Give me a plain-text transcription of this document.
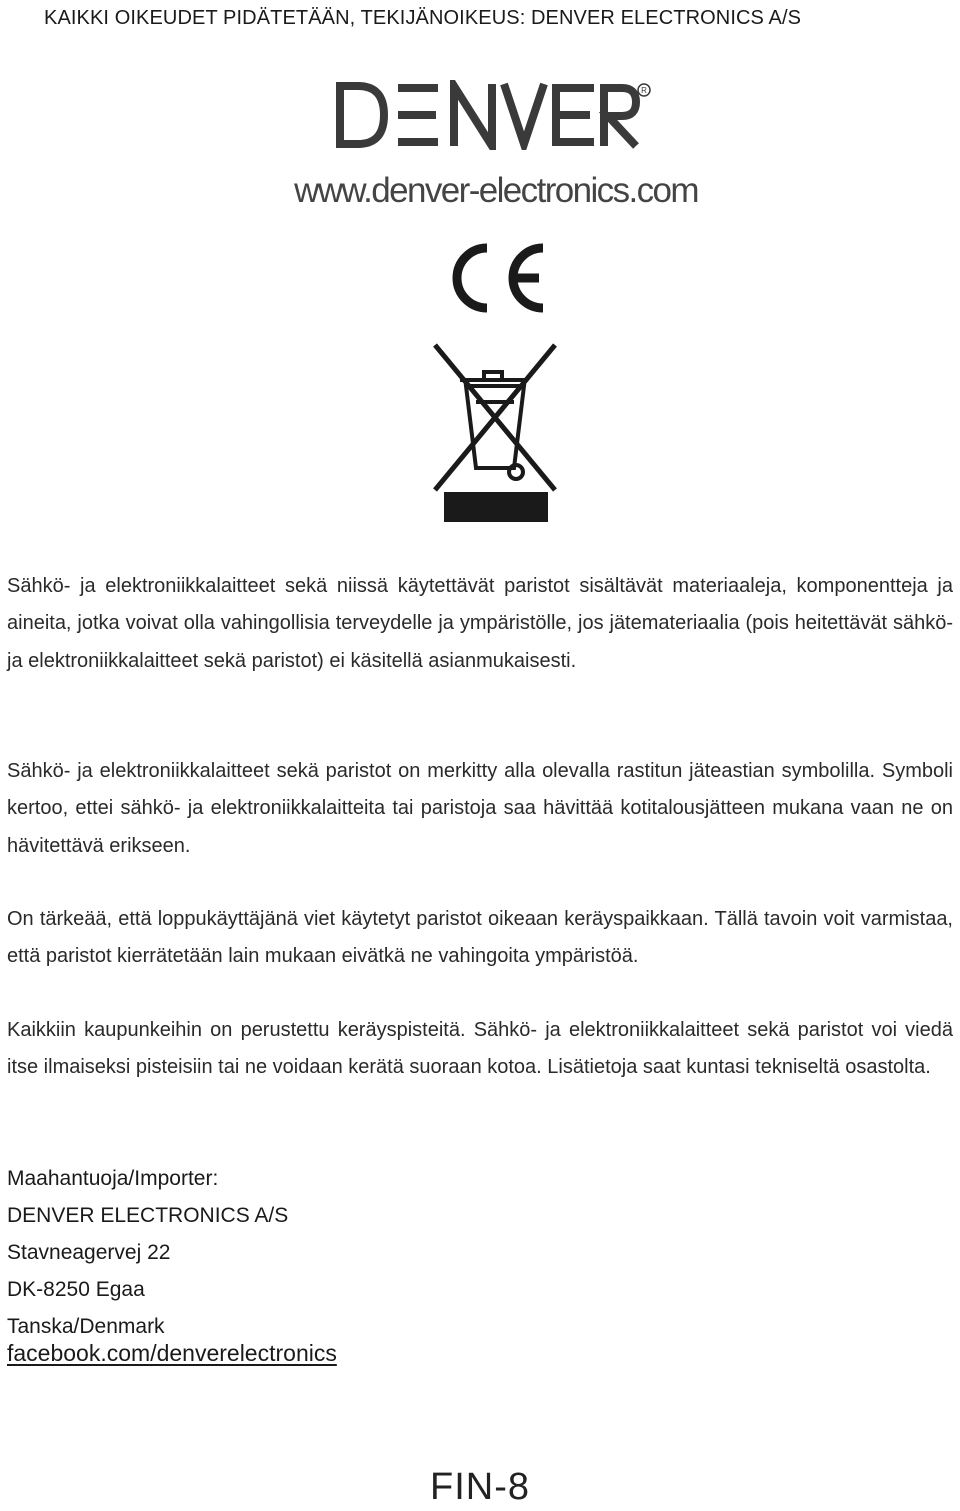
KAIKKI OIKEUDET PIDÄTETÄÄN, TEKIJÄNOIKEUS: DENVER ELECTRONICS A/S
R

www.denver-electronics.com

Sähkö- ja elektroniikkalaitteet sekä niissä käytettävät paristot sisältävät materiaaleja, komponentteja ja aineita, jotka voivat olla vahingollisia terveydelle ja ympäristölle, jos jätemateriaalia (pois heitettävät sähkö- ja elektroniikkalaitteet sekä paristot) ei käsitellä asianmukaisesti.

Sähkö- ja elektroniikkalaitteet sekä paristot on merkitty alla olevalla rastitun jäteastian symbolilla. Symboli kertoo, ettei sähkö- ja elektroniikkalaitteita tai paristoja saa hävittää kotitalousjätteen mukana vaan ne on hävitettävä erikseen.

On tärkeää, että loppukäyttäjänä viet käytetyt paristot oikeaan keräyspaikkaan. Tällä tavoin voit varmistaa, että paristot kierrätetään lain mukaan eivätkä ne vahingoita ympäristöä.

Kaikkiin kaupunkeihin on perustettu keräyspisteitä. Sähkö- ja elektroniikkalaitteet sekä paristot voi viedä itse ilmaiseksi pisteisiin tai ne voidaan kerätä suoraan kotoa. Lisätietoja saat kuntasi tekniseltä osastolta.

Maahantuoja/Importer:
DENVER ELECTRONICS A/S
Stavneagervej 22
DK-8250 Egaa
Tanska/Denmark
facebook.com/denverelectronics

FIN-8
